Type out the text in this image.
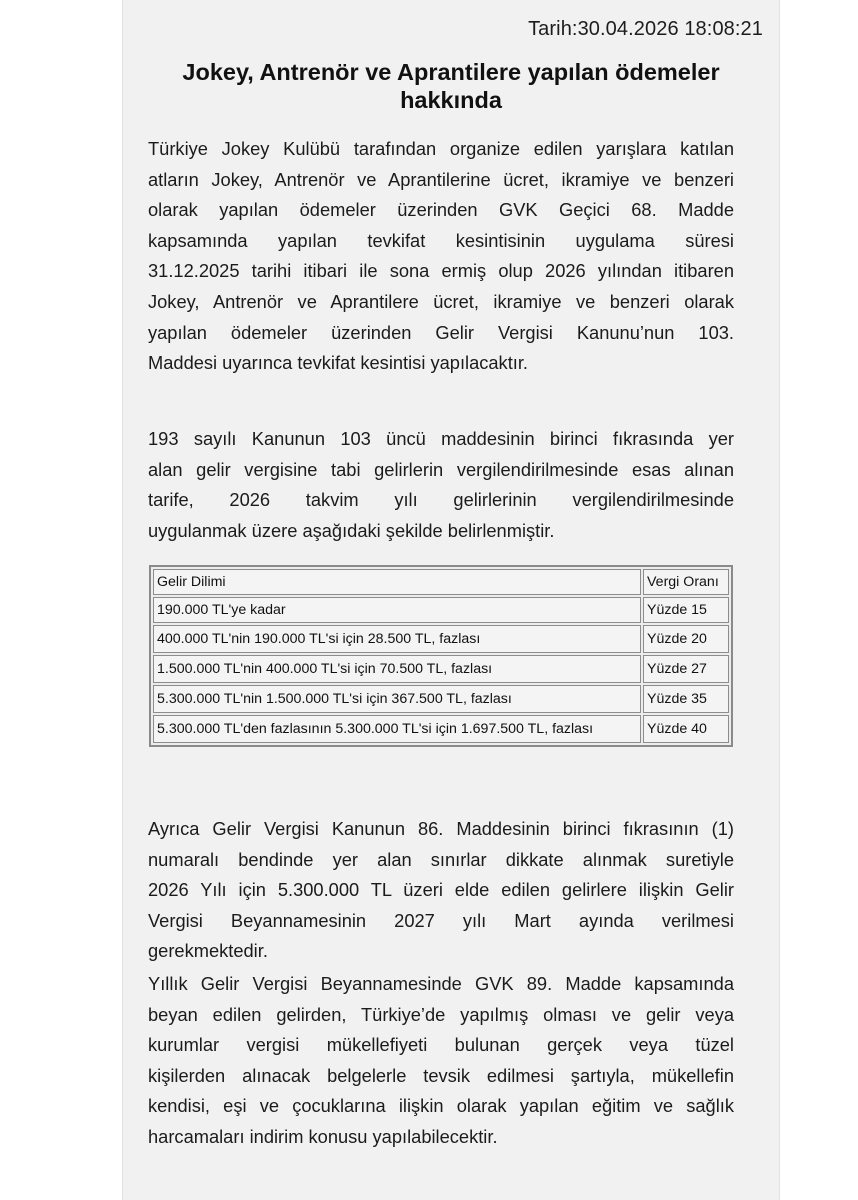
Tarih:30.04.2026 18:08:21
Jokey, Antrenör ve Aprantilere yapılan ödemeler hakkında

Türkiye Jokey Kulübü tarafından organize edilen yarışlara katılan
atların Jokey, Antrenör ve Aprantilerine ücret, ikramiye ve benzeri
olarak yapılan ödemeler üzerinden GVK Geçici 68. Madde
kapsamında yapılan tevkifat kesintisinin uygulama süresi
31.12.2025 tarihi itibari ile sona ermiş olup 2026 yılından itibaren
Jokey, Antrenör ve Aprantilere ücret, ikramiye ve benzeri olarak
yapılan ödemeler üzerinden Gelir Vergisi Kanunu’nun 103.
Maddesi uyarınca tevkifat kesintisi yapılacaktır.

193 sayılı Kanunun 103 üncü maddesinin birinci fıkrasında yer
alan gelir vergisine tabi gelirlerin vergilendirilmesinde esas alınan
tarife, 2026 takvim yılı gelirlerinin vergilendirilmesinde
uygulanmak üzere aşağıdaki şekilde belirlenmiştir.

Gelir Dilimi	Vergi Oranı
190.000 TL'ye kadar	Yüzde 15
400.000 TL'nin 190.000 TL'si için 28.500 TL, fazlası	Yüzde 20
1.500.000 TL'nin 400.000 TL'si için 70.500 TL, fazlası	Yüzde 27
5.300.000 TL'nin 1.500.000 TL'si için 367.500 TL, fazlası	Yüzde 35
5.300.000 TL'den fazlasının 5.300.000 TL'si için 1.697.500 TL, fazlası	Yüzde 40

Ayrıca Gelir Vergisi Kanunun 86. Maddesinin birinci fıkrasının (1)
numaralı bendinde yer alan sınırlar dikkate alınmak suretiyle
2026 Yılı için 5.300.000 TL üzeri elde edilen gelirlere ilişkin Gelir
Vergisi Beyannamesinin 2027 yılı Mart ayında verilmesi
gerekmektedir.

Yıllık Gelir Vergisi Beyannamesinde GVK 89. Madde kapsamında
beyan edilen gelirden, Türkiye’de yapılmış olması ve gelir veya
kurumlar vergisi mükellefiyeti bulunan gerçek veya tüzel
kişilerden alınacak belgelerle tevsik edilmesi şartıyla, mükellefin
kendisi, eşi ve çocuklarına ilişkin olarak yapılan eğitim ve sağlık
harcamaları indirim konusu yapılabilecektir.
